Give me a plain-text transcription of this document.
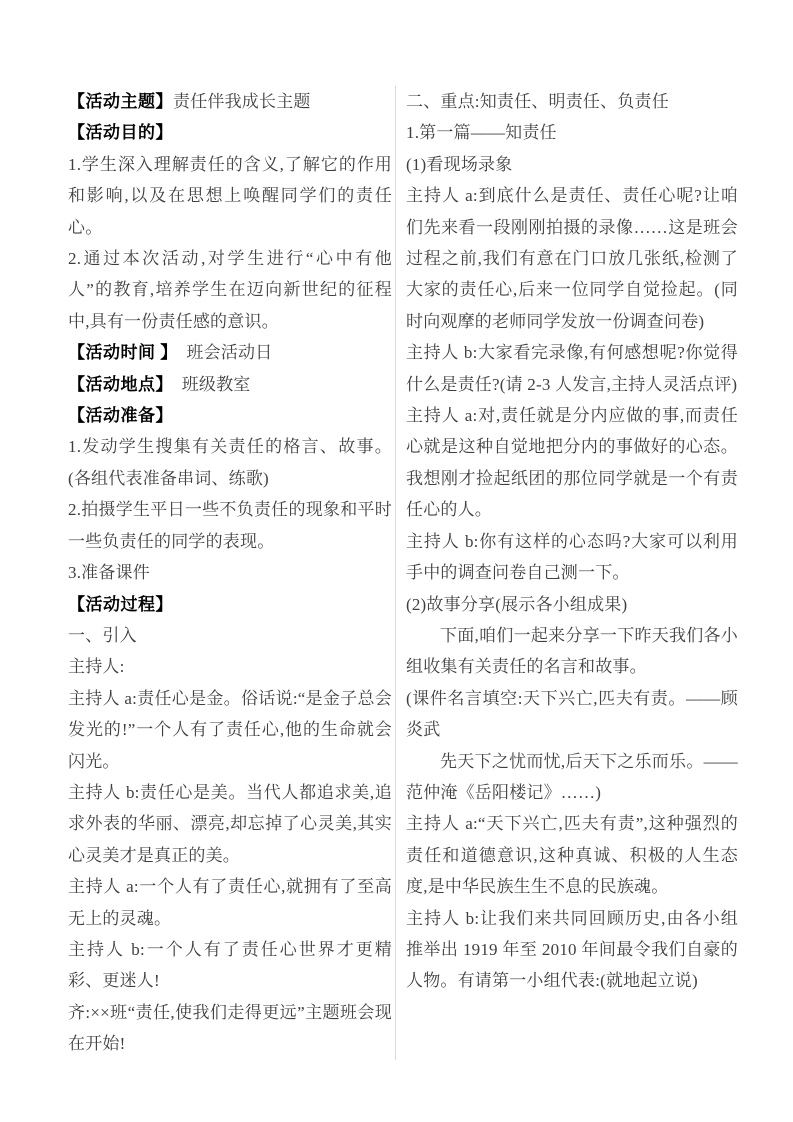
【活动主题】责任伴我成长主题

【活动目的】

1.学生深入理解责任的含义,了解它的作用和影响,以及在思想上唤醒同学们的责任心。

2.通过本次活动,对学生进行“心中有他人”的教育,培养学生在迈向新世纪的征程中,具有一份责任感的意识。

【活动时间 】　班会活动日

【活动地点】　班级教室

【活动准备】

1.发动学生搜集有关责任的格言、故事。(各组代表准备串词、练歌)

2.拍摄学生平日一些不负责任的现象和平时一些负责任的同学的表现。

3.准备课件

【活动过程】

一、引入

主持人:

主持人 a:责任心是金。俗话说:“是金子总会发光的!”一个人有了责任心,他的生命就会闪光。

主持人 b:责任心是美。当代人都追求美,追求外表的华丽、漂亮,却忘掉了心灵美,其实心灵美才是真正的美。

主持人 a:一个人有了责任心,就拥有了至高无上的灵魂。

主持人 b:一个人有了责任心世界才更精彩、更迷人!

齐:××班“责任,使我们走得更远”主题班会现在开始!

二、重点:知责任、明责任、负责任

1.第一篇——知责任

(1)看现场录象

主持人 a:到底什么是责任、责任心呢?让咱们先来看一段刚刚拍摄的录像……这是班会过程之前,我们有意在门口放几张纸,检测了大家的责任心,后来一位同学自觉捡起。(同时向观摩的老师同学发放一份调查问卷)

主持人 b:大家看完录像,有何感想呢?你觉得什么是责任?(请 2-3 人发言,主持人灵活点评)

主持人 a:对,责任就是分内应做的事,而责任心就是这种自觉地把分内的事做好的心态。我想刚才捡起纸团的那位同学就是一个有责任心的人。

主持人 b:你有这样的心态吗?大家可以利用手中的调查问卷自己测一下。

(2)故事分享(展示各小组成果)

下面,咱们一起来分享一下昨天我们各小组收集有关责任的名言和故事。

(课件名言填空:天下兴亡,匹夫有责。——顾炎武

先天下之忧而忧,后天下之乐而乐。——范仲淹《岳阳楼记》……)

主持人 a:“天下兴亡,匹夫有责”,这种强烈的责任和道德意识,这种真诚、积极的人生态度,是中华民族生生不息的民族魂。

主持人 b:让我们来共同回顾历史,由各小组推举出 1919 年至 2010 年间最令我们自豪的人物。有请第一小组代表:(就地起立说)
